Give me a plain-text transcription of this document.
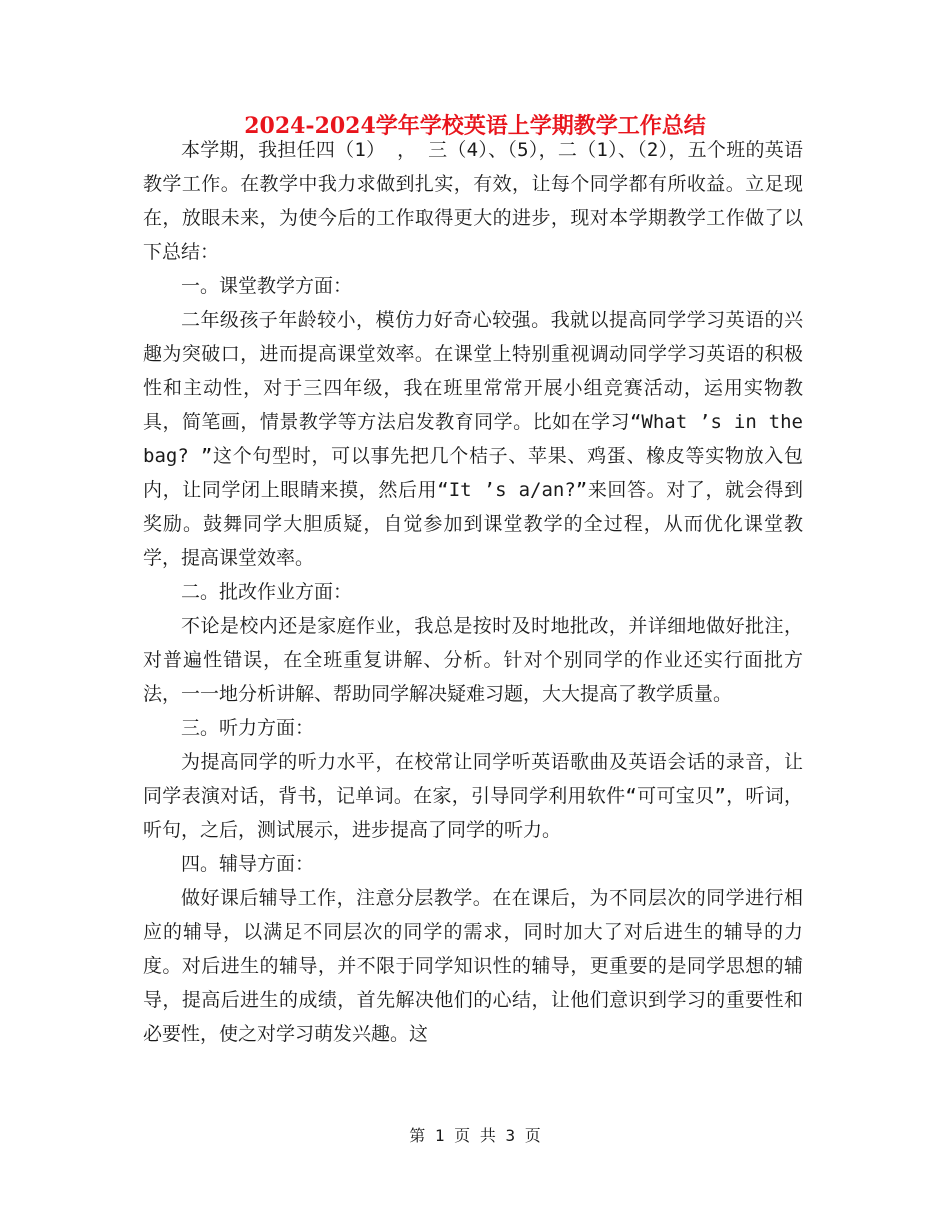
2024-2024学年学校英语上学期教学工作总结

本学期，我担任四（1） ， 三（4）、（5），二（1）、（2），五个班的英语教学工作。在教学中我力求做到扎实，有效，让每个同学都有所收益。立足现在，放眼未来，为使今后的工作取得更大的进步，现对本学期教学工作做了以下总结：

一。课堂教学方面：

二年级孩子年龄较小，模仿力好奇心较强。我就以提高同学学习英语的兴趣为突破口，进而提高课堂效率。在课堂上特别重视调动同学学习英语的积极性和主动性，对于三四年级，我在班里常常开展小组竞赛活动，运用实物教具，简笔画，情景教学等方法启发教育同学。比如在学习“What ’s in the bag? ”这个句型时，可以事先把几个桔子、苹果、鸡蛋、橡皮等实物放入包内，让同学闭上眼睛来摸，然后用“It ’s a/an?”来回答。对了，就会得到奖励。鼓舞同学大胆质疑，自觉参加到课堂教学的全过程，从而优化课堂教学，提高课堂效率。

二。批改作业方面：

不论是校内还是家庭作业，我总是按时及时地批改，并详细地做好批注，对普遍性错误，在全班重复讲解、分析。针对个别同学的作业还实行面批方法，一一地分析讲解、帮助同学解决疑难习题，大大提高了教学质量。

三。听力方面：

为提高同学的听力水平，在校常让同学听英语歌曲及英语会话的录音，让同学表演对话，背书，记单词。在家，引导同学利用软件“可可宝贝”，听词，听句，之后，测试展示，进步提高了同学的听力。

四。辅导方面：

做好课后辅导工作，注意分层教学。在在课后，为不同层次的同学进行相应的辅导，以满足不同层次的同学的需求，同时加大了对后进生的辅导的力度。对后进生的辅导，并不限于同学知识性的辅导，更重要的是同学思想的辅导，提高后进生的成绩，首先解决他们的心结，让他们意识到学习的重要性和必要性，使之对学习萌发兴趣。这

第 1 页 共 3 页
